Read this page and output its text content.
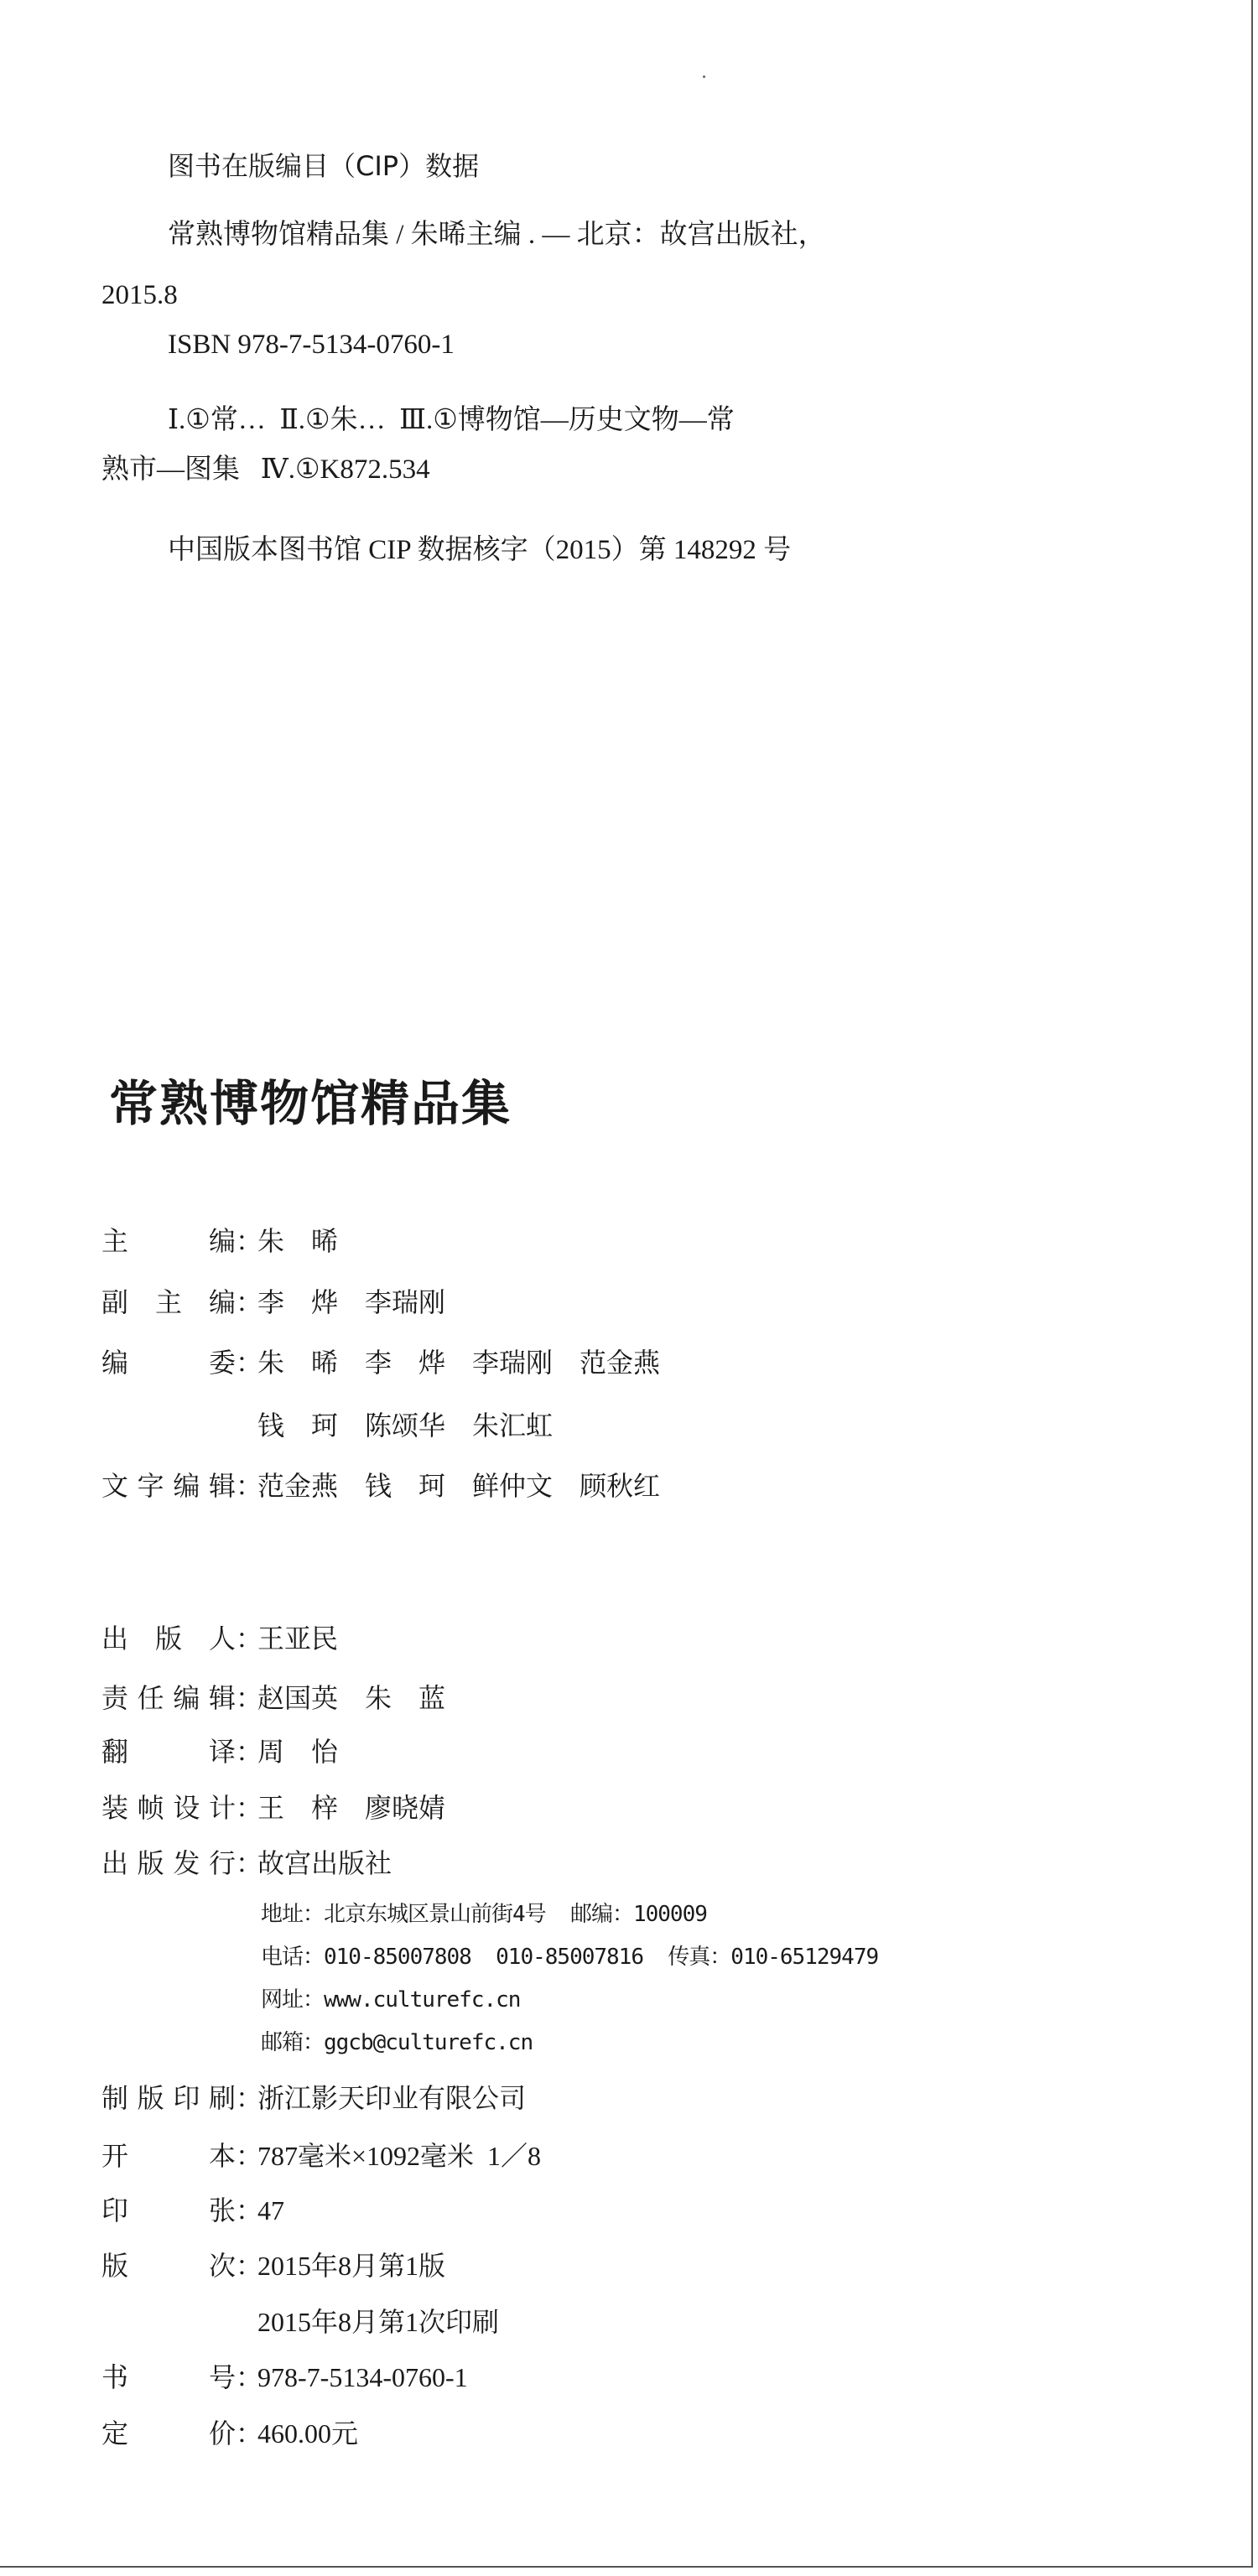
图书在版编目（CIP）数据
常熟博物馆精品集 / 朱晞主编 . — 北京：故宫出版社，
2015.8
ISBN 978-7-5134-0760-1
Ⅰ.①常…  Ⅱ.①朱…  Ⅲ.①博物馆—历史文物—常
熟市—图集   Ⅳ.①K872.534
中国版本图书馆 CIP 数据核字（2015）第 148292 号
常熟博物馆精品集
主编 ：
朱　晞
副主编 ：
李　烨　李瑞刚
编委 ：
朱　晞　李　烨　李瑞刚　范金燕
钱　珂　陈颂华　朱汇虹
文字编辑 ：
范金燕　钱　珂　鲜仲文　顾秋红
出版人 ：
王亚民
责任编辑 ：
赵国英　朱　蓝
翻译 ：
周　怡
装帧设计 ：
王　梓　廖晓婧
出版发行 ：
故宫出版社
地址：北京东城区景山前街4号  邮编：100009
电话：010-85007808  010-85007816  传真：010-65129479
网址：www.culturefc.cn
邮箱：ggcb@culturefc.cn
制版印刷 ：
浙江影天印业有限公司
开本 ：
787毫米×1092毫米  1／8
印张 ：
47
版次 ：
2015年8月第1版
2015年8月第1次印刷
书号 ：
978-7-5134-0760-1
定价 ：
460.00元
